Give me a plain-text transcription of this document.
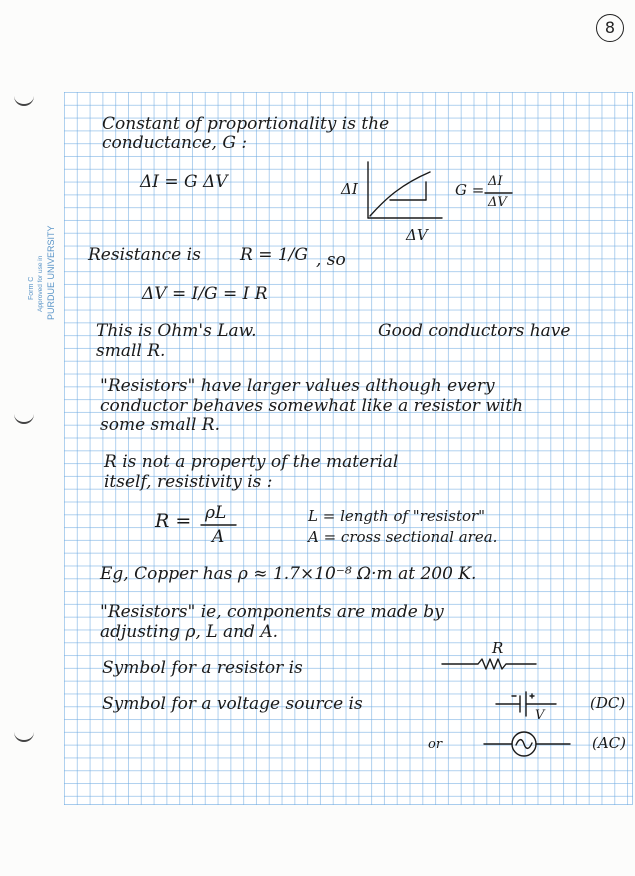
Form C Approved for use in PURDUE UNIVERSITY
8
Constant of proportionality is the
conductance, G :
ΔI = G ΔV	ΔI
ΔV
G = ΔI
ΔV
Resistance is R = 1/G , so
ΔV = I/G = I R
This is Ohm's Law.	Good conductors have
small R.
"Resistors" have larger values although every
conductor behaves somewhat like a resistor with
some small R.
R is not a property of the material
itself, resistivity is :
R = ρL
A
L = length of "resistor"
A = cross sectional area.
Eg, Copper has ρ ≈ 1.7×10⁻⁸ Ω·m at 200 K.
"Resistors" ie, components are made by
adjusting ρ, L and A.
Symbol for a resistor is
R
Symbol for a voltage source is
V
(DC)
or	(AC)
